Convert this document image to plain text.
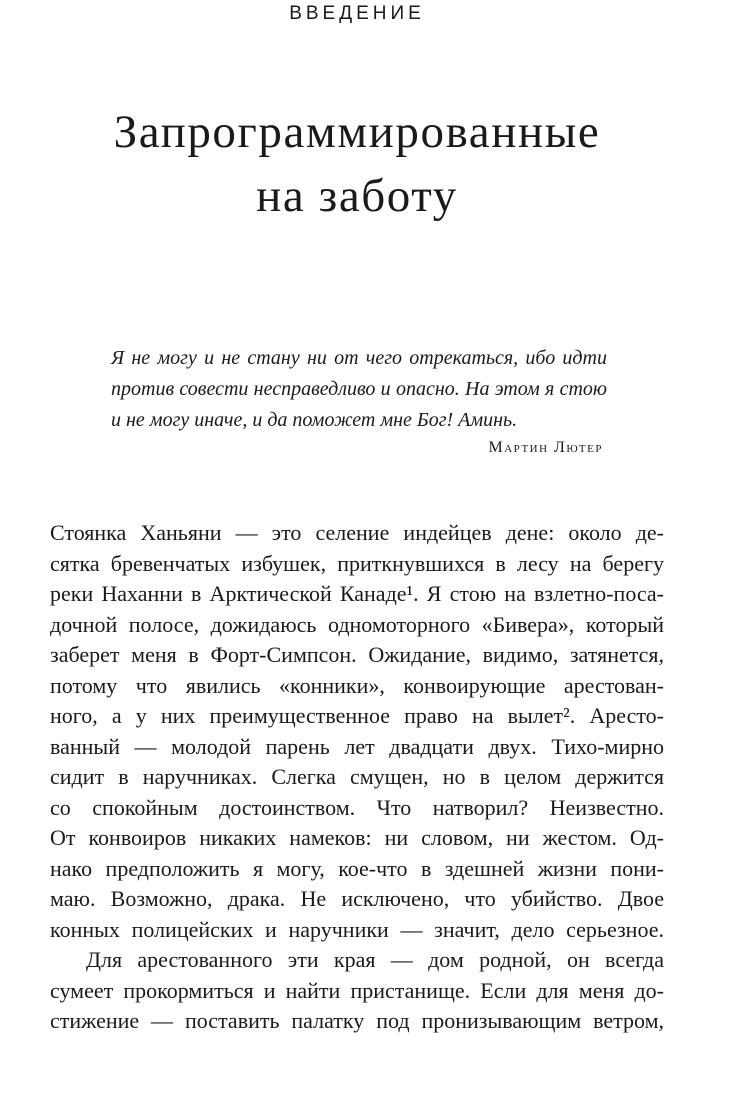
ВВЕДЕНИЕ
Запрограммированные
на заботу
Я не могу и не стану ни от чего отрекаться, ибо идти
против совести несправедливо и опасно. На этом я стою
и не могу иначе, и да поможет мне Бог! Аминь.
Мартин Лютер
Стоянка Ханьяни — это селение индейцев дене: около де-
сятка бревенчатых избушек, приткнувшихся в лесу на берегу
реки Наханни в Арктической Канаде¹. Я стою на взлетно-поса-
дочной полосе, дожидаюсь одномоторного «Бивера», который
заберет меня в Форт-Симпсон. Ожидание, видимо, затянется,
потому что явились «конники», конвоирующие арестован-
ного, а у них преимущественное право на вылет². Аресто-
ванный — молодой парень лет двадцати двух. Тихо-мирно
сидит в наручниках. Слегка смущен, но в целом держится
со спокойным достоинством. Что натворил? Неизвестно.
От конвоиров никаких намеков: ни словом, ни жестом. Од-
нако предположить я могу, кое-что в здешней жизни пони-
маю. Возможно, драка. Не исключено, что убийство. Двое
конных полицейских и наручники — значит, дело серьезное.
Для арестованного эти края — дом родной, он всегда
сумеет прокормиться и найти пристанище. Если для меня до-
стижение — поставить палатку под пронизывающим ветром,
